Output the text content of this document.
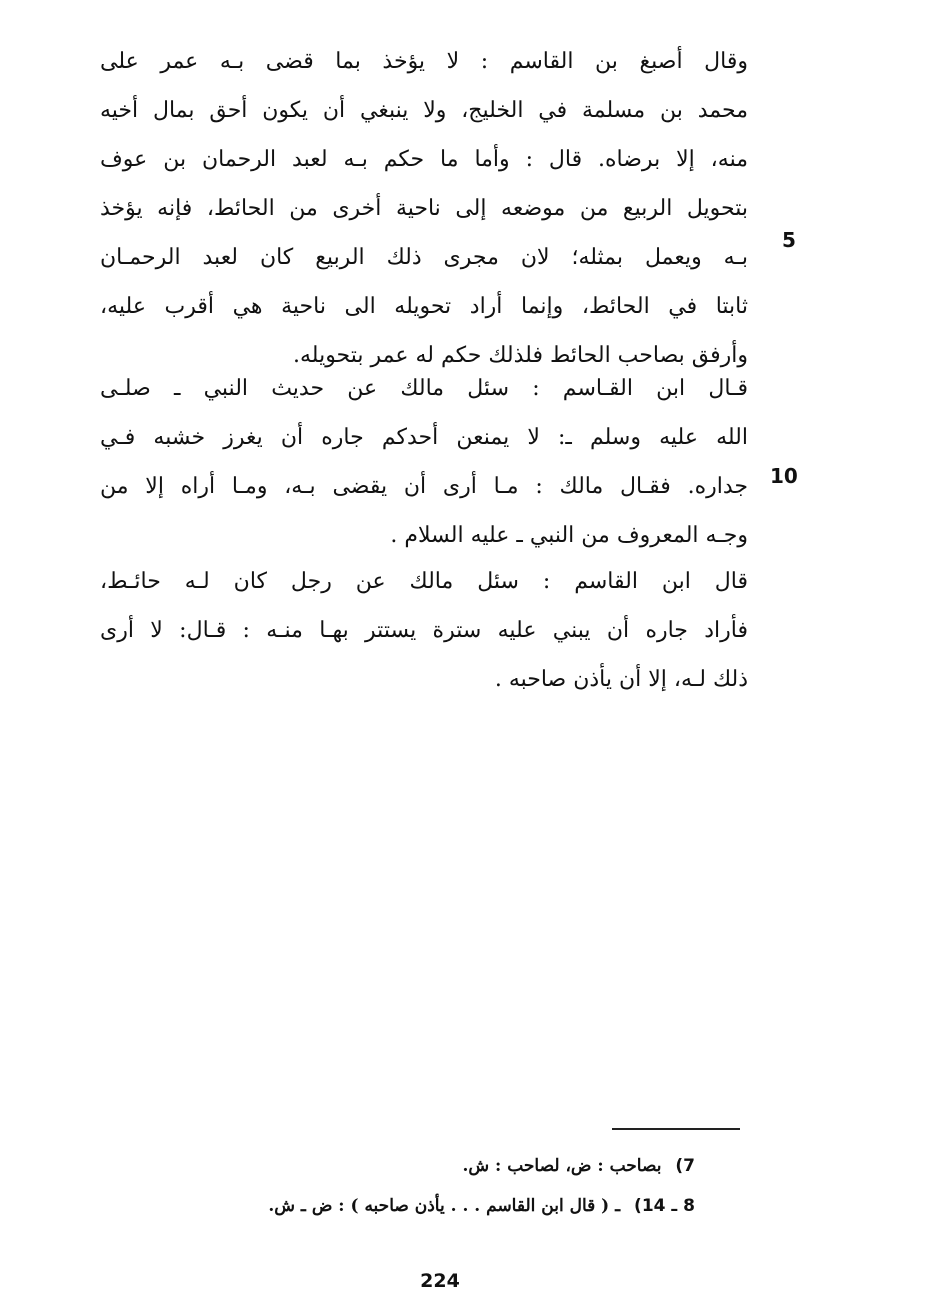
وقال أصبغ بن القاسم : لا يؤخذ بما قضى بـه عمر على
محمد بن مسلمة في الخليج، ولا ينبغي أن يكون أحق بمال أخيه
منه، إلا برضاه. قال : وأما ما حكم بـه لعبد الرحمان بن عوف
بتحويل الربيع من موضعه إلى ناحية أخرى من الحائط، فإنه يؤخذ
بـه ويعمل بمثله؛ لان مجرى ذلك الربيع كان لعبد الرحمـان
ثابتا في الحائط، وإنما أراد تحويله الى ناحية هي أقرب عليه،
وأرفق بصاحب الحائط فلذلك حكم له عمر بتحويله.
5
قـال ابن القـاسم : سئل مالك عن حديث النبي ـ صلـى
الله عليه وسلم ـ: لا يمنعن أحدكم جاره أن يغرز خشبه فـي
جداره. فقـال مالك : مـا أرى أن يقضى بـه، ومـا أراه إلا من
وجـه المعروف من النبي ـ عليه السلام .
10
قال ابن القاسم : سئل مالك عن رجل كان لـه حائـط،
فأراد جاره أن يبني عليه سترة يستتر بهـا منـه : قـال: لا أرى
ذلك لـه، إلا أن يأذن صاحبه .
7) بصاحب : ض، لصاحب : ش.
8 ـ 14) ـ ( قال ابن القاسم . . . يأذن صاحبه ) : ض ـ ش.
224
